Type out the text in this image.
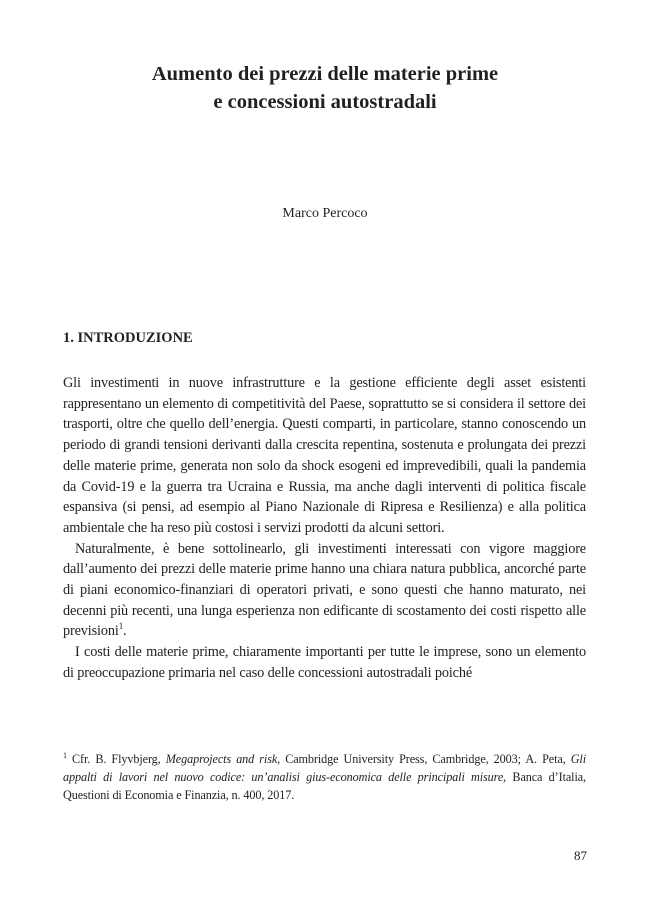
Aumento dei prezzi delle materie prime
e concessioni autostradali
Marco Percoco
1. INTRODUZIONE

Gli investimenti in nuove infrastrutture e la gestione efficiente degli asset esistenti rappresentano un elemento di competitività del Paese, soprattutto se si considera il settore dei trasporti, oltre che quello dell’energia. Questi comparti, in particolare, stanno conoscendo un periodo di grandi tensioni derivanti dalla crescita repentina, sostenuta e prolungata dei prezzi delle materie prime, generata non solo da shock esogeni ed imprevedibili, quali la pandemia da Covid-19 e la guerra tra Ucraina e Russia, ma anche dagli interventi di politica fiscale espansiva (si pensi, ad esempio al Piano Nazionale di Ripresa e Resilienza) e alla politica ambientale che ha reso più costosi i servizi prodotti da alcuni settori.

Naturalmente, è bene sottolinearlo, gli investimenti interessati con vigore maggiore dall’aumento dei prezzi delle materie prime hanno una chiara natura pubblica, ancorché parte di piani economico-finanziari di operatori privati, e sono questi che hanno maturato, nei decenni più recenti, una lunga esperienza non edificante di scostamento dei costi rispetto alle previsioni$^1$.

I costi delle materie prime, chiaramente importanti per tutte le imprese, sono un elemento di preoccupazione primaria nel caso delle concessioni autostradali poiché

$^1$ Cfr. B. Flyvbjerg, Megaprojects and risk, Cambridge University Press, Cambridge, 2003; A. Peta, Gli appalti di lavori nel nuovo codice: un’analisi gius-economica delle principali misure, Banca d’Italia, Questioni di Economia e Finanzia, n. 400, 2017.

87
